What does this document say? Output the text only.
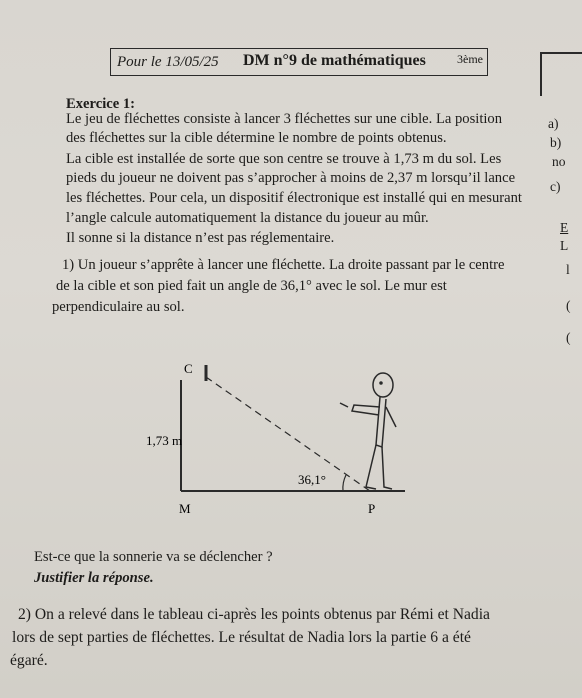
Pour le 13/05/25 DM n°9 de mathématiques	3ème
a)
b)
no
c)
E
L
l
(
(
Exercice 1:
Le jeu de fléchettes consiste à lancer 3 fléchettes sur une cible. La position
des fléchettes sur la cible détermine le nombre de points obtenus.
La cible est installée de sorte que son centre se trouve à 1,73 m du sol. Les
pieds du joueur ne doivent pas s’approcher à moins de 2,37 m lorsqu’il lance
les fléchettes. Pour cela, un dispositif électronique est installé qui en mesurant
l’angle calcule automatiquement la distance du joueur au mûr.
Il sonne si la distance n’est pas réglementaire.
1) Un joueur s’apprête à lancer une fléchette. La droite passant par le centre
de la cible et son pied fait un angle de 36,1° avec le sol. Le mur est
perpendiculaire au sol.
C
M	P
1,73 m
36,1°
Est-ce que la sonnerie va se déclencher ?
Justifier la réponse.
2) On a relevé dans le tableau ci-après les points obtenus par Rémi et Nadia
lors de sept parties de fléchettes. Le résultat de Nadia lors la partie 6 a été
égaré.
